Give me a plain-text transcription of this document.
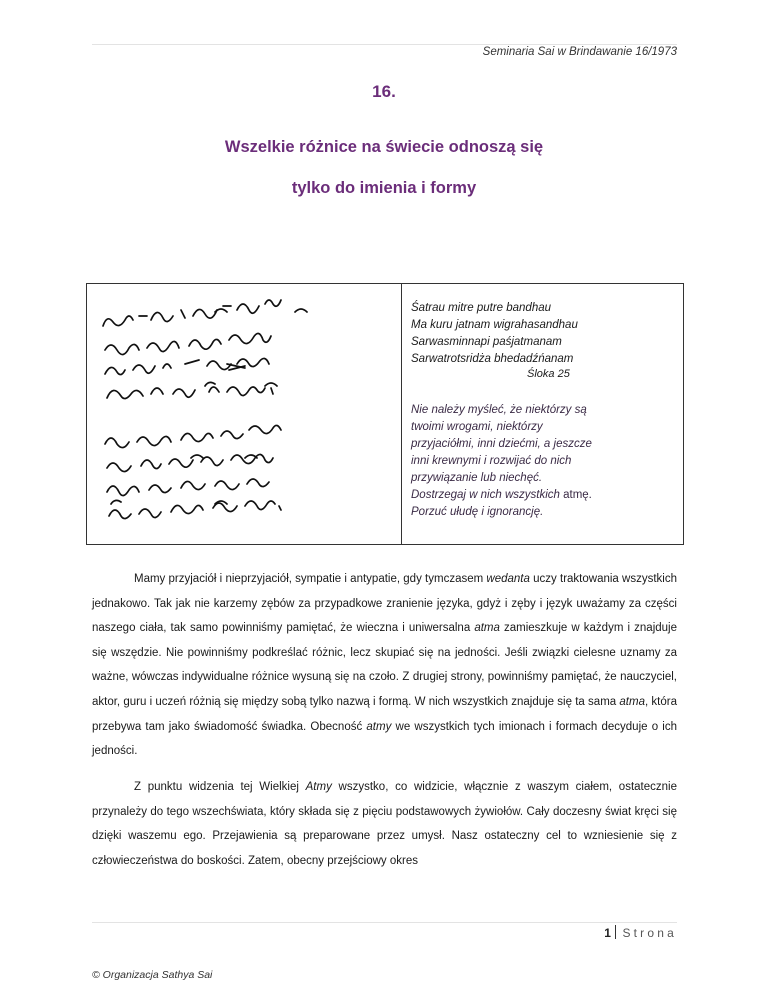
Seminaria Sai w Brindawanie 16/1973
16.
Wszelkie różnice na świecie odnoszą się
tylko do imienia i formy
Śatrau mitre putre bandhau
Ma kuru jatnam wigrahasandhau
Sarwasminnapi paśjatmanam
Sarwatrotsridża bhedadźńanam
Śloka 25
Nie należy myśleć, że niektórzy są
twoimi wrogami, niektórzy
przyjaciółmi, inni dziećmi, a jeszcze
inni krewnymi i rozwijać do nich
przywiązanie lub niechęć.
Dostrzegaj w nich wszystkich atmę.
Porzuć ułudę i ignorancję.
Mamy przyjaciół i nieprzyjaciół, sympatie i antypatie, gdy tymczasem wedanta uczy traktowania wszystkich jednakowo. Tak jak nie karzemy zębów za przypadkowe zranienie języka, gdyż i zęby i język uważamy za części naszego ciała, tak samo powinniśmy pamiętać, że wieczna i uniwersalna atma zamieszkuje w każdym i znajduje się wszędzie. Nie powinniśmy podkreślać różnic, lecz skupiać się na jedności. Jeśli związki cielesne uznamy za ważne, wówczas indywidualne różnice wysuną się na czoło. Z drugiej strony, powinniśmy pamiętać, że nauczyciel, aktor, guru i uczeń różnią się między sobą tylko nazwą i formą. W nich wszystkich znajduje się ta sama atma, która przebywa tam jako świadomość świadka. Obecność atmy we wszystkich tych imionach i formach decyduje o ich jedności.
Z punktu widzenia tej Wielkiej Atmy wszystko, co widzicie, włącznie z waszym ciałem, ostatecznie przynależy do tego wszechświata, który składa się z pięciu podstawowych żywiołów. Cały doczesny świat kręci się dzięki waszemu ego. Przejawienia są preparowane przez umysł. Nasz ostateczny cel to wzniesienie się z człowieczeństwa do boskości. Zatem, obecny przejściowy okres
1 Strona
© Organizacja Sathya Sai
